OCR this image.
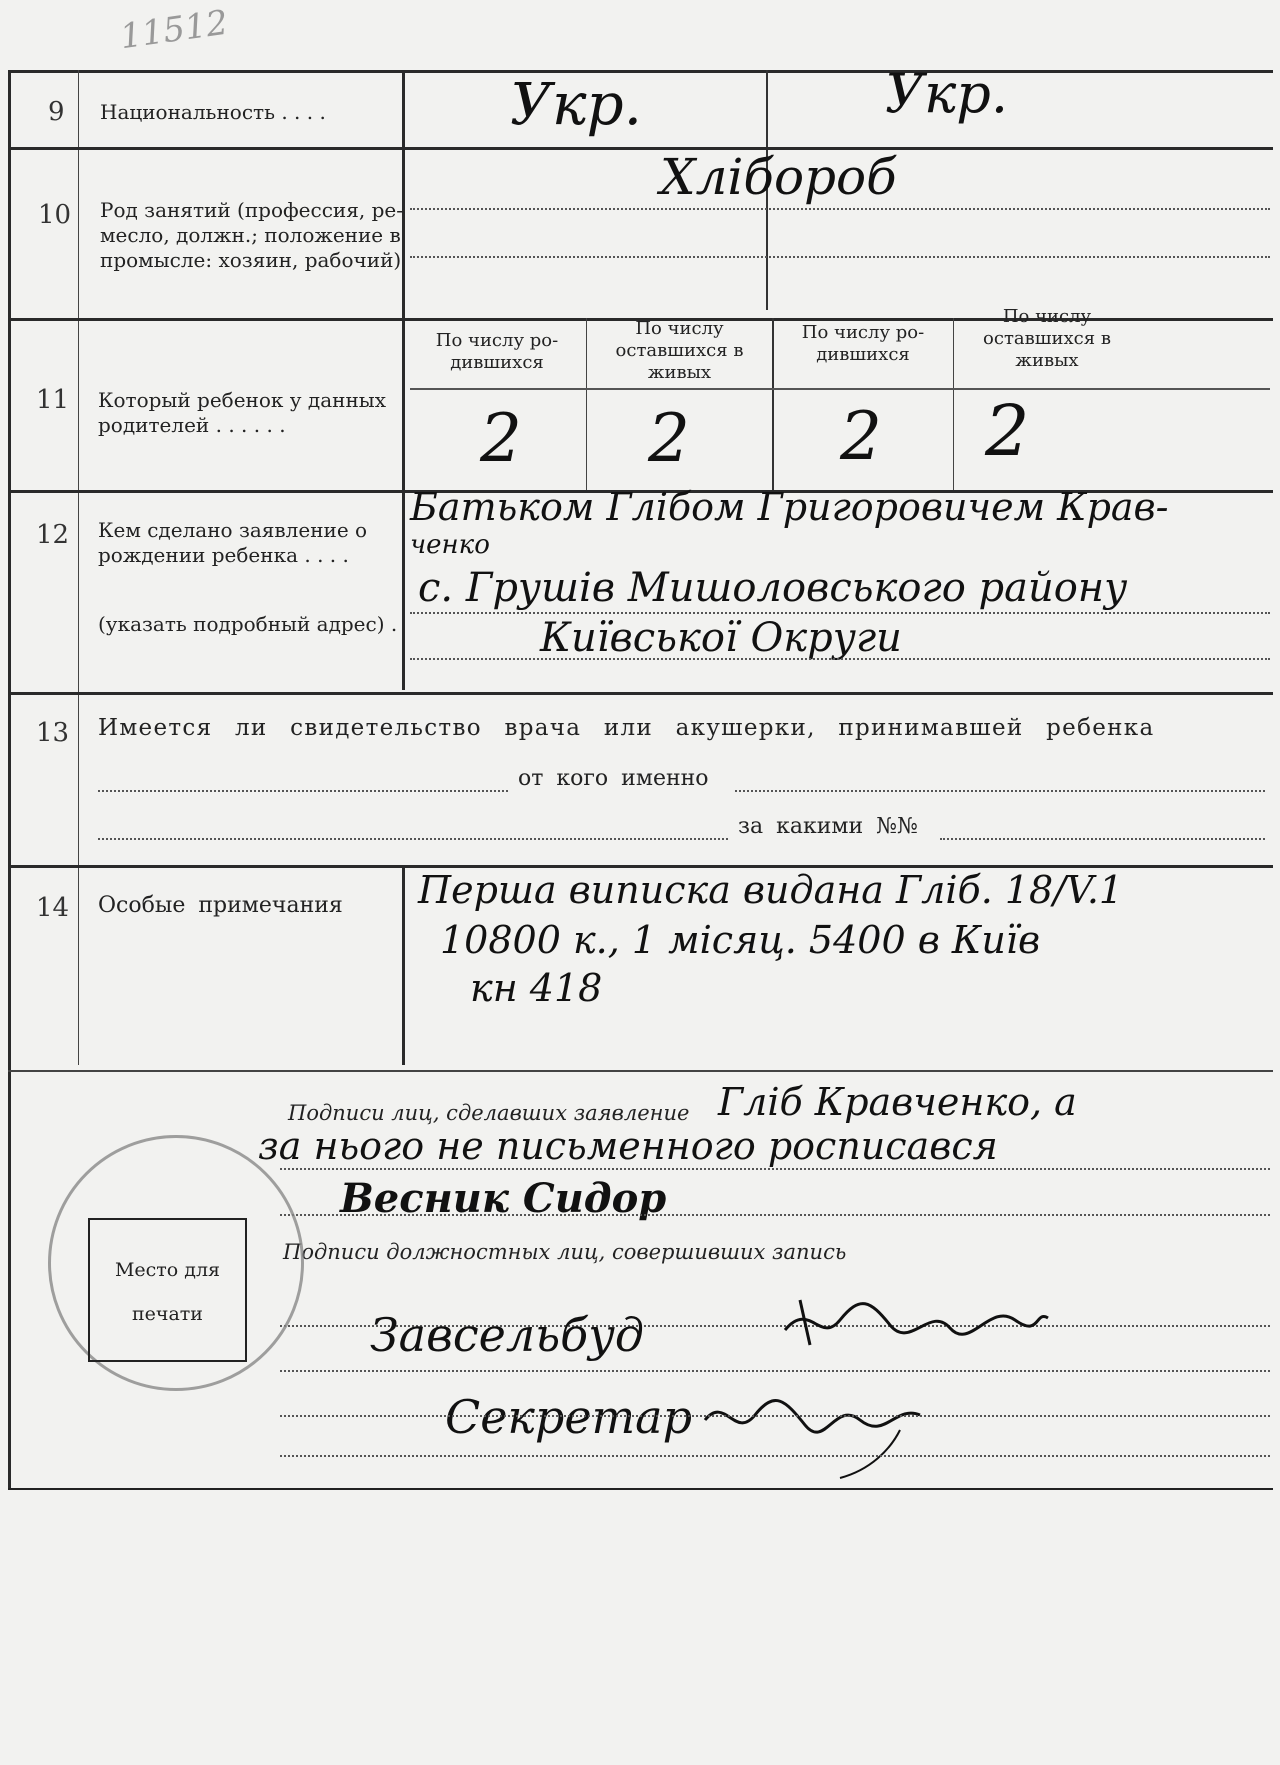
11512
9 Национальность . . . .	Укр.	Укр.
10 Род занятий (профессия, ре-
месло, должн.; положение в
промысле: хозяин, рабочий)
Хлібороб
11 Который ребенок у данных
родителей . . . . . .
По числу ро-
дившихся
По числу
оставшихся в
живых
По числу ро-
дившихся
По числу
оставшихся в
живых
2 2 2 2
12 Кем сделано заявление о
рождении ребенка . . . .
(указать подробный адрес) .
Батьком Глібом Григоровичем Крав-
ченко
с. Грушів Мишоловського району
Київської Округи
13 Имеется ли свидетельство врача или акушерки, принимавшей ребенка
от кого именно
за какими №№
14 Особые примечания Перша виписка видана Гліб. 18/V.1
10800 к., 1 місяц. 5400 в Київ
кн 418
Подписи лиц, сделавших заявление Гліб Кравченко, а
за нього не письменного росписався
Весник Сидор
Подписи должностных лиц, совершивших запись
Завсельбуд
Секретар
Место для
печати
